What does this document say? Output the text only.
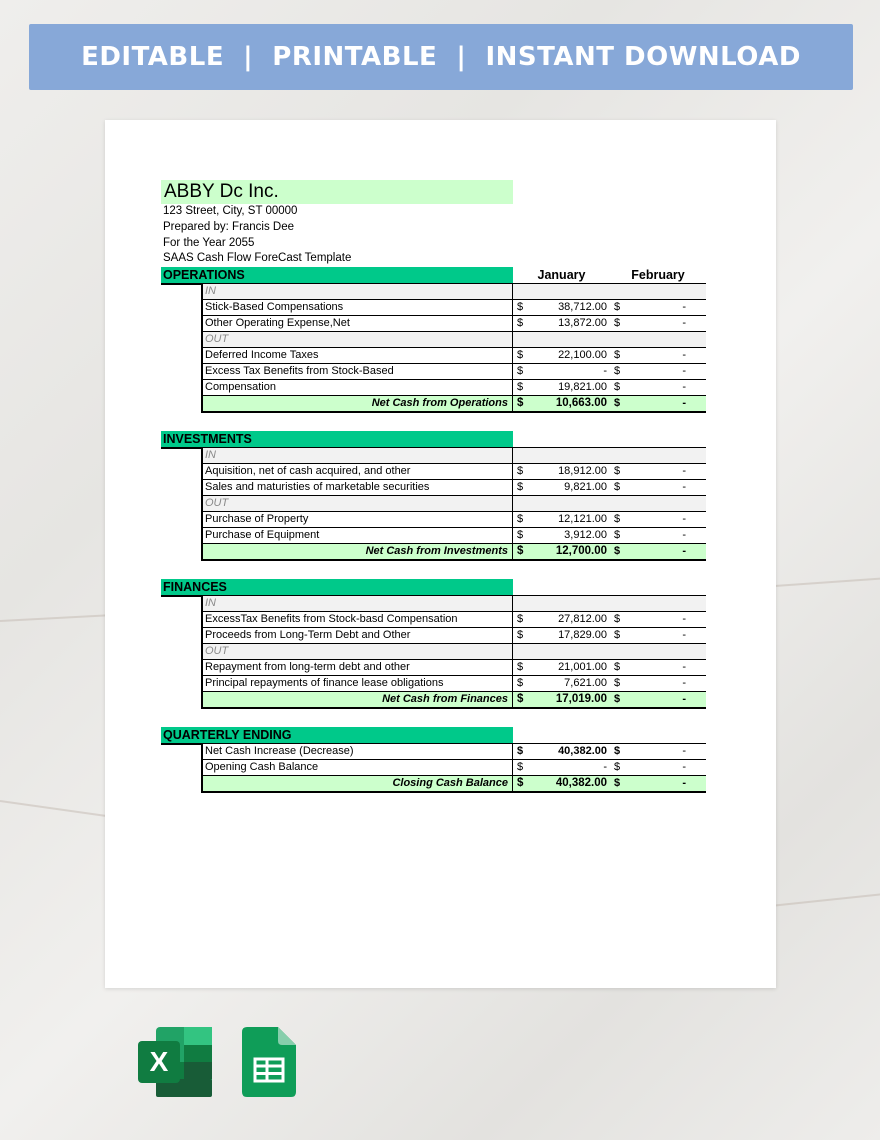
EDITABLE  |  PRINTABLE  |  INSTANT DOWNLOAD
ABBY Dc Inc.
123 Street, City, ST 00000
Prepared by: Francis Dee
For the Year 2055
SAAS Cash Flow ForeCast Template
OPERATIONS	January	February
IN
Stick-Based Compensations	$	38,712.00 $	-
Other Operating Expense,Net	$	13,872.00 $	-
OUT
Deferred Income Taxes	$	22,100.00 $	-
Excess Tax Benefits from Stock-Based	$	- $	-
Compensation	$	19,821.00 $	-
Net Cash from Operations $	10,663.00 $	-
INVESTMENTS
IN
Aquisition, net of cash acquired, and other	$	18,912.00 $	-
Sales and maturisties of marketable securities	$	9,821.00 $	-
OUT
Purchase of Property	$	12,121.00 $	-
Purchase of Equipment	$	3,912.00 $	-
Net Cash from Investments $	12,700.00 $	-
FINANCES
IN
ExcessTax Benefits from Stock-basd Compensation	$	27,812.00 $	-
Proceeds from Long-Term Debt and Other	$	17,829.00 $	-
OUT
Repayment from long-term debt and other	$	21,001.00 $	-
Principal repayments of finance lease obligations	$	7,621.00 $	-
Net Cash from Finances $	17,019.00 $	-
QUARTERLY ENDING
Net Cash Increase (Decrease)	$	40,382.00 $	-
Opening Cash Balance	$	- $	-
Closing Cash Balance $	40,382.00 $	-
X
